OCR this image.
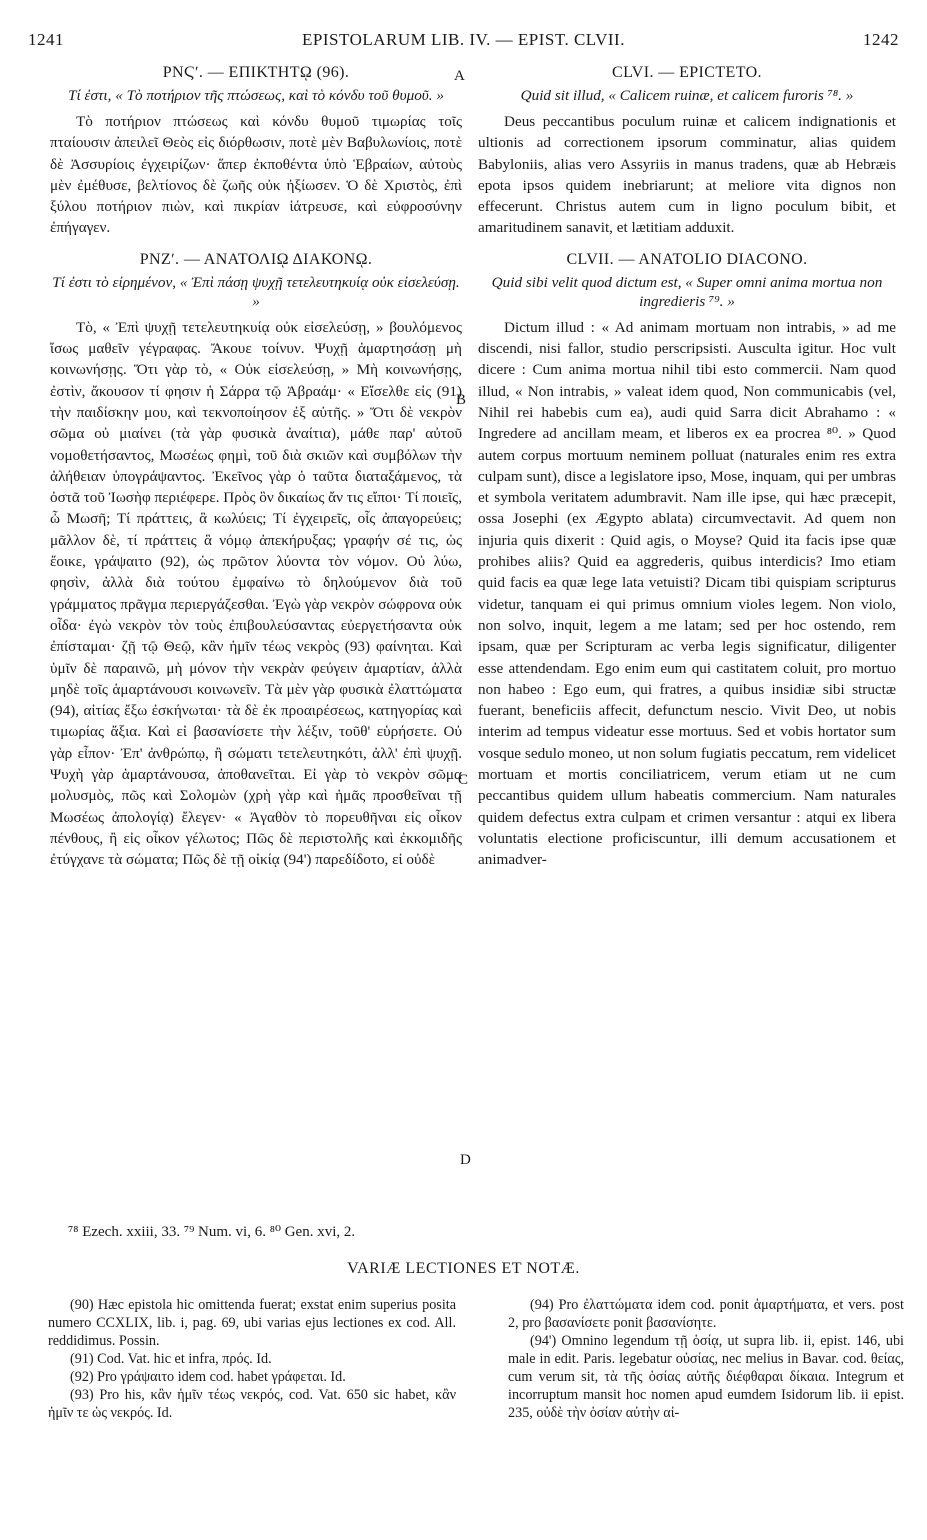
1241	EPISTOLARUM LIB. IV. — EPIST. CLVII.	1242

ΡΝϚʹ. — ΕΠΙΚΤΗΤῼ (96).

Τί ἐστι, « Τὸ ποτήριον τῆς πτώσεως, καὶ τὸ κόνδυ τοῦ θυμοῦ. »

Τὸ ποτήριον πτώσεως καὶ κόνδυ θυμοῦ τιμωρίας τοῖς πταίουσιν ἀπειλεῖ Θεὸς εἰς διόρθωσιν, ποτὲ μὲν Βαβυλωνίοις, ποτὲ δὲ Ἀσσυρίοις ἐγχειρίζων· ἅπερ ἐκποθέντα ὑπὸ Ἑβραίων, αὐτοὺς μὲν ἐμέθυσε, βελτίονος δὲ ζωῆς οὐκ ἠξίωσεν. Ὁ δὲ Χριστὸς, ἐπὶ ξύλου ποτήριον πιὼν, καὶ πικρίαν ἰάτρευσε, καὶ εὐφροσύνην ἐπήγαγεν.

ΡΝΖʹ. — ΑΝΑΤΟΛΙῼ ΔΙΑΚΟΝῼ.

Τί ἐστι τὸ εἰρημένον, « Ἐπὶ πάσῃ ψυχῇ τετελευτηκυίᾳ οὐκ εἰσελεύσῃ. »

Τὸ, « Ἐπὶ ψυχῇ τετελευτηκυίᾳ οὐκ εἰσελεύσῃ, » βουλόμενος ἴσως μαθεῖν γέγραφας. Ἄκουε τοίνυν. Ψυχῇ ἁμαρτησάσῃ μὴ κοινωνήσῃς. Ὅτι γὰρ τὸ, « Οὐκ εἰσελεύσῃ, » Μὴ κοινωνήσῃς, ἐστὶν, ἄκουσον τί φησιν ἡ Σάρρα τῷ Ἀβραάμ· « Εἴσελθε εἰς (91) τὴν παιδίσκην μου, καὶ τεκνοποίησον ἐξ αὐτῆς. » Ὅτι δὲ νεκρὸν σῶμα οὐ μιαίνει (τὰ γὰρ φυσικὰ ἀναίτια), μάθε παρ' αὐτοῦ νομοθετήσαντος, Μωσέως φημὶ, τοῦ διὰ σκιῶν καὶ συμβόλων τὴν ἀλήθειαν ὑπογράψαντος. Ἐκεῖνος γὰρ ὁ ταῦτα διαταξάμενος, τὰ ὀστᾶ τοῦ Ἰωσὴφ περιέφερε. Πρὸς ὃν δικαίως ἄν τις εἴποι· Τί ποιεῖς, ὦ Μωσῆ; Τί πράττεις, ἃ κωλύεις; Τί ἐγχειρεῖς, οἷς ἀπαγορεύεις; μᾶλλον δὲ, τί πράττεις ἃ νόμῳ ἀπεκήρυξας; γραφήν σέ τις, ὡς ἔοικε, γράψαιτο (92), ὡς πρῶτον λύοντα τὸν νόμον. Οὐ λύω, φησὶν, ἀλλὰ διὰ τούτου ἐμφαίνω τὸ δηλούμενον διὰ τοῦ γράμματος πρᾶγμα περιεργάζεσθαι. Ἐγὼ γὰρ νεκρὸν σώφρονα οὐκ οἶδα· ἐγὼ νεκρὸν τὸν τοὺς ἐπιβουλεύσαντας εὐεργετήσαντα οὐκ ἐπίσταμαι· ζῇ τῷ Θεῷ, κἂν ἡμῖν τέως νεκρὸς (93) φαίνηται. Καὶ ὑμῖν δὲ παραινῶ, μὴ μόνον τὴν νεκρὰν φεύγειν ἁμαρτίαν, ἀλλὰ μηδὲ τοῖς ἁμαρτάνουσι κοινωνεῖν. Τὰ μὲν γὰρ φυσικὰ ἐλαττώματα (94), αἰτίας ἔξω ἐσκήνωται· τὰ δὲ ἐκ προαιρέσεως, κατηγορίας καὶ τιμωρίας ἄξια. Καὶ εἰ βασανίσετε τὴν λέξιν, τοῦθ' εὑρήσετε. Οὐ γὰρ εἶπον· Ἐπ' ἀνθρώπῳ, ἢ σώματι τετελευτηκότι, ἀλλ' ἐπὶ ψυχῇ. Ψυχὴ γὰρ ἁμαρτάνουσα, ἀποθανεῖται. Εἰ γὰρ τὸ νεκρὸν σῶμα μολυσμὸς, πῶς καὶ Σολομὼν (χρὴ γὰρ καὶ ἡμᾶς προσθεῖναι τῇ Μωσέως ἀπολογίᾳ) ἔλεγεν· « Ἀγαθὸν τὸ πορευθῆναι εἰς οἶκον πένθους, ἢ εἰς οἶκον γέλωτος; Πῶς δὲ περιστολῆς καὶ ἐκκομιδῆς ἐτύγχανε τὰ σώματα; Πῶς δὲ τῇ οἰκίᾳ (94') παρεδίδοτο, εἰ οὐδὲ

A
B
C
D

CLVI. — EPICTETO.

Quid sit illud, « Calicem ruinæ, et calicem furoris ⁷⁸. »

Deus peccantibus poculum ruinæ et calicem indignationis et ultionis ad correctionem ipsorum comminatur, alias quidem Babyloniis, alias vero Assyriis in manus tradens, quæ ab Hebræis epota ipsos quidem inebriarunt; at meliore vita dignos non effecerunt. Christus autem cum in ligno poculum bibit, et amaritudinem sanavit, et lætitiam adduxit.

CLVII. — ANATOLIO DIACONO.

Quid sibi velit quod dictum est, « Super omni anima mortua non ingredieris ⁷⁹. »

Dictum illud : « Ad animam mortuam non intrabis, » ad me discendi, nisi fallor, studio perscripsisti. Ausculta igitur. Hoc vult dicere : Cum anima mortua nihil tibi esto commercii. Nam quod illud, « Non intrabis, » valeat idem quod, Non communicabis (vel, Nihil rei habebis cum ea), audi quid Sarra dicit Abrahamo : « Ingredere ad ancillam meam, et liberos ex ea procrea ⁸⁰. » Quod autem corpus mortuum neminem polluat (naturales enim res extra culpam sunt), disce a legislatore ipso, Mose, inquam, qui per umbras et symbola veritatem adumbravit. Nam ille ipse, qui hæc præcepit, ossa Josephi (ex Ægypto ablata) circumvectavit. Ad quem non injuria quis dixerit : Quid agis, o Moyse? Quid ita facis ipse quæ prohibes aliis? Quid ea aggrederis, quibus interdicis? Imo etiam quid facis ea quæ lege lata vetuisti? Dicam tibi quispiam scripturus videtur, tanquam ei qui primus omnium violes legem. Non violo, non solvo, inquit, legem a me latam; sed per hoc ostendo, rem ipsam, quæ per Scripturam ac verba legis significatur, diligenter esse attendendam. Ego enim eum qui castitatem coluit, pro mortuo non habeo : Ego eum, qui fratres, a quibus insidiæ sibi structæ fuerant, beneficiis affecit, defunctum nescio. Vivit Deo, ut nobis interim ad tempus videatur esse mortuus. Sed et vobis hortator sum vosque sedulo moneo, ut non solum fugiatis peccatum, rem videlicet mortuam et mortis conciliatricem, verum etiam ut ne cum peccantibus quidem ullum habeatis commercium. Nam naturales quidem defectus extra culpam et crimen versantur : atqui ex libera voluntatis electione proficiscuntur, illi demum accusationem et animadver-

⁷⁸ Ezech. xxiii, 33. ⁷⁹ Num. vi, 6. ⁸⁰ Gen. xvi, 2.
VARIÆ LECTIONES ET NOTÆ.

(90) Hæc epistola hic omittenda fuerat; exstat enim superius posita numero CCXLIX, lib. i, pag. 69, ubi varias ejus lectiones ex cod. All. reddidimus. Possin.

(91) Cod. Vat. hic et infra, πρός. Id.

(92) Pro γράψαιτο idem cod. habet γράφεται. Id.

(93) Pro his, κἂν ἡμῖν τέως νεκρός, cod. Vat. 650 sic habet, κἂν ἡμῖν τε ὡς νεκρός. Id.

(94) Pro ἐλαττώματα idem cod. ponit ἁμαρτήματα, et vers. post 2, pro βασανίσετε ponit βασανίσητε.

(94') Omnino legendum τῇ ὁσίᾳ, ut supra lib. ii, epist. 146, ubi male in edit. Paris. legebatur οὐσίας, nec melius in Bavar. cod. θείας, cum verum sit, τὰ τῆς ὁσίας αὐτῆς διέφθαραι δίκαια. Integrum et incorruptum mansit hoc nomen apud eumdem Isidorum lib. ii epist. 235, οὐδὲ τὴν ὁσίαν αὐτὴν αἰ-
